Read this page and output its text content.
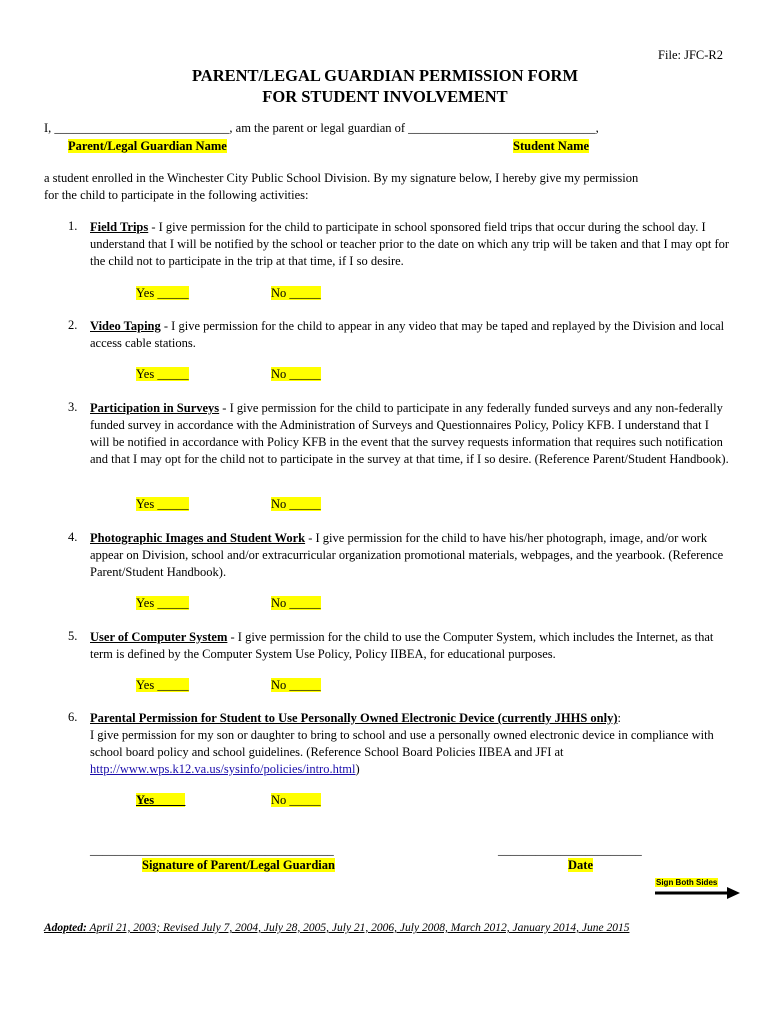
File: JFC-R2
PARENT/LEGAL GUARDIAN PERMISSION FORM
FOR STUDENT INVOLVEMENT
I, ____________________________, am the parent or legal guardian of ______________________________,
Parent/Legal Guardian Name	Student Name
a student enrolled in the Winchester City Public School Division. By my signature below, I hereby give my permission
for the child to participate in the following activities:
1. Field Trips - I give permission for the child to participate in school sponsored field trips that occur during the school day. I understand that I will be notified by the school or teacher prior to the date on which any trip will be taken and that I may opt for the child not to participate in the trip at that time, if I so desire.
Yes _____	No _____
2. Video Taping - I give permission for the child to appear in any video that may be taped and replayed by the Division and local access cable stations.
Yes _____	No _____
3. Participation in Surveys - I give permission for the child to participate in any federally funded surveys and any non-federally funded survey in accordance with the Administration of Surveys and Questionnaires Policy, Policy KFB. I understand that I will be notified in accordance with Policy KFB in the event that the survey requests information that requires such notification and that I may opt for the child not to participate in the survey at that time, if I so desire. (Reference Parent/Student Handbook).
Yes _____	No _____
4. Photographic Images and Student Work - I give permission for the child to have his/her photograph, image, and/or work appear on Division, school and/or extracurricular organization promotional materials, webpages, and the yearbook. (Reference Parent/Student Handbook).
Yes _____	No _____
5. User of Computer System - I give permission for the child to use the Computer System, which includes the Internet, as that term is defined by the Computer System Use Policy, Policy IIBEA, for educational purposes.
Yes _____	No _____
6. Parental Permission for Student to Use Personally Owned Electronic Device (currently JHHS only):
I give permission for my son or daughter to bring to school and use a personally owned electronic device in compliance with school board policy and school guidelines. (Reference School Board Policies IIBEA and JFI at http://www.wps.k12.va.us/sysinfo/policies/intro.html)
Yes_____	No _____
_______________________________________
Signature of Parent/Legal Guardian
_______________________
Date
Sign Both Sides
Adopted: April 21, 2003; Revised July 7, 2004, July 28, 2005, July 21, 2006, July 2008, March 2012, January 2014, June 2015
